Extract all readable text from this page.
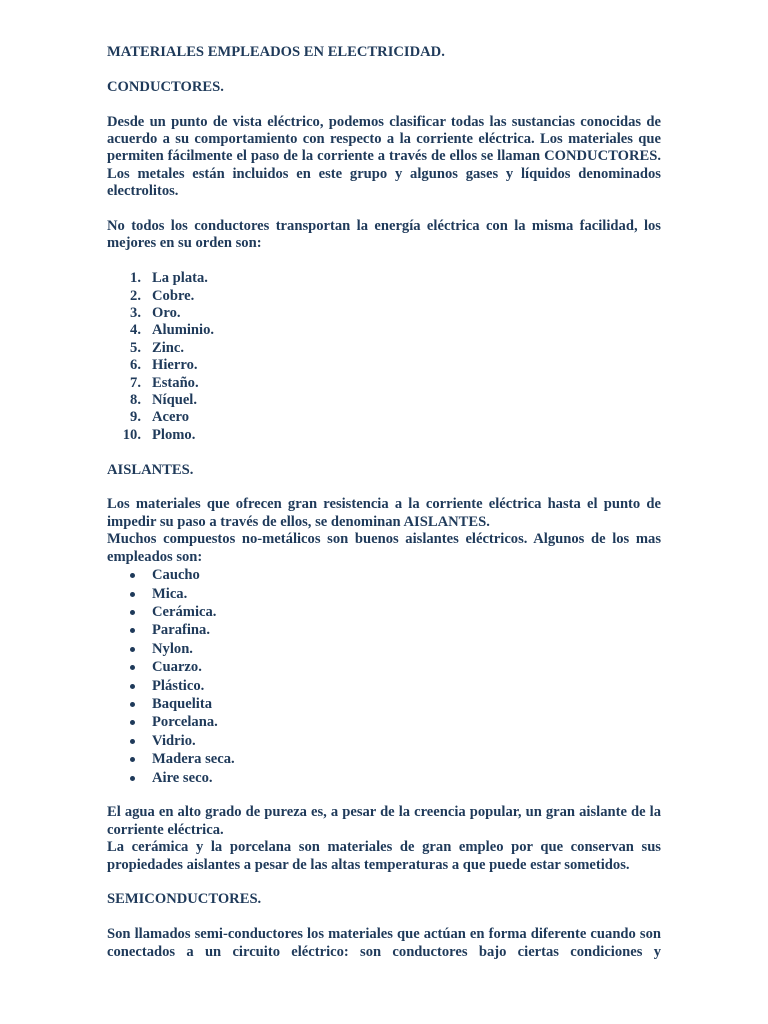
MATERIALES EMPLEADOS EN ELECTRICIDAD.

CONDUCTORES.

Desde un punto de vista eléctrico, podemos clasificar todas las sustancias conocidas de acuerdo a su comportamiento con respecto a la corriente eléctrica. Los materiales que permiten fácilmente el paso de la corriente a través de ellos se llaman CONDUCTORES. Los metales están incluidos en este grupo y algunos gases y líquidos denominados electrolitos.

No todos los conductores transportan la energía eléctrica con la misma facilidad, los mejores en su orden son:

1. La plata.
2. Cobre.
3. Oro.
4. Aluminio.
5. Zinc.
6. Hierro.
7. Estaño.
8. Níquel.
9. Acero
10. Plomo.

AISLANTES.

Los materiales que ofrecen gran resistencia a la corriente eléctrica hasta el punto de impedir su paso a través de ellos, se denominan AISLANTES.

Muchos compuestos no-metálicos son buenos aislantes eléctricos. Algunos de los mas empleados son:

Caucho
Mica.
Cerámica.
Parafina.
Nylon.
Cuarzo.
Plástico.
Baquelita
Porcelana.
Vidrio.
Madera seca.
Aire seco.

El agua en alto grado de pureza es, a pesar de la creencia popular, un gran aislante de la corriente eléctrica.

La cerámica y la porcelana son materiales de gran empleo por que conservan sus propiedades aislantes a pesar de las altas temperaturas a que puede estar sometidos.

SEMICONDUCTORES.

Son llamados semi-conductores los materiales que actúan en forma diferente cuando son conectados a un circuito eléctrico: son conductores bajo ciertas condiciones y
